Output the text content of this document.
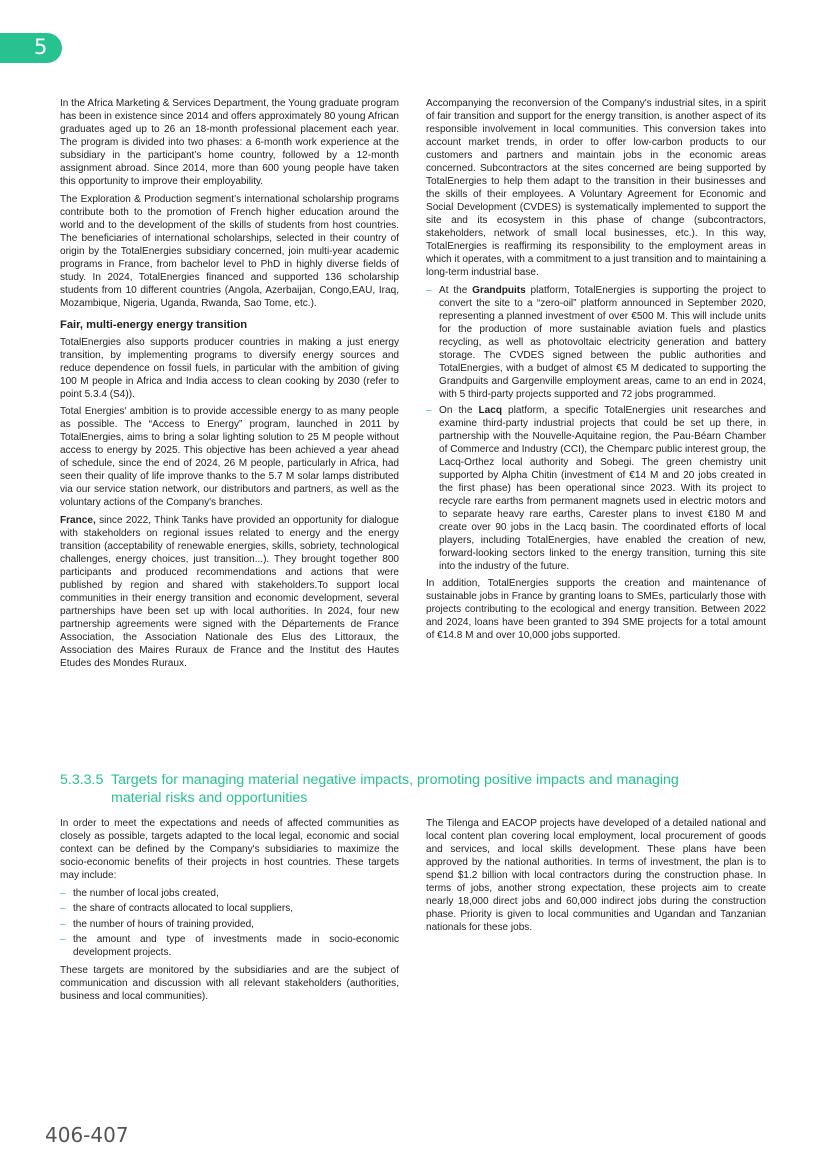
5

In the Africa Marketing & Services Department, the Young graduate program has been in existence since 2014 and offers approximately 80 young African graduates aged up to 26 an 18-month professional placement each year. The program is divided into two phases: a 6-month work experience at the subsidiary in the participant’s home country, followed by a 12-month assignment abroad. Since 2014, more than 600 young people have taken this opportunity to improve their employability.

The Exploration & Production segment’s international scholarship programs contribute both to the promotion of French higher education around the world and to the development of the skills of students from host countries. The beneficiaries of international scholarships, selected in their country of origin by the TotalEnergies subsidiary concerned, join multi-year academic programs in France, from bachelor level to PhD in highly diverse fields of study. In 2024, TotalEnergies financed and supported 136 scholarship students from 10 different countries (Angola, Azerbaijan, Congo,EAU, Iraq, Mozambique, Nigeria, Uganda, Rwanda, Sao Tome, etc.).

Fair, multi-energy energy transition

TotalEnergies also supports producer countries in making a just energy transition, by implementing programs to diversify energy sources and reduce dependence on fossil fuels, in particular with the ambition of giving 100 M people in Africa and India access to clean cooking by 2030 (refer to point 5.3.4 (S4)).

Total Energies' ambition is to provide accessible energy to as many people as possible. The “Access to Energy” program, launched in 2011 by TotalEnergies, aims to bring a solar lighting solution to 25 M people without access to energy by 2025. This objective has been achieved a year ahead of schedule, since the end of 2024, 26 M people, particularly in Africa, had seen their quality of life improve thanks to the 5.7 M solar lamps distributed via our service station network, our distributors and partners, as well as the voluntary actions of the Company's branches.

France, since 2022, Think Tanks have provided an opportunity for dialogue with stakeholders on regional issues related to energy and the energy transition (acceptability of renewable energies, skills, sobriety, technological challenges, energy choices, just transition...). They brought together 800 participants and produced recommendations and actions that were published by region and shared with stakeholders.To support local communities in their energy transition and economic development, several partnerships have been set up with local authorities. In 2024, four new partnership agreements were signed with the Départements de France Association, the Association Nationale des Elus des Littoraux, the Association des Maires Ruraux de France and the Institut des Hautes Etudes des Mondes Ruraux.

Accompanying the reconversion of the Company's industrial sites, in a spirit of fair transition and support for the energy transition, is another aspect of its responsible involvement in local communities. This conversion takes into account market trends, in order to offer low-carbon products to our customers and partners and maintain jobs in the economic areas concerned. Subcontractors at the sites concerned are being supported by TotalEnergies to help them adapt to the transition in their businesses and the skills of their employees. A Voluntary Agreement for Economic and Social Development (CVDES) is systematically implemented to support the site and its ecosystem in this phase of change (subcontractors, stakeholders, network of small local businesses, etc.). In this way, TotalEnergies is reaffirming its responsibility to the employment areas in which it operates, with a commitment to a just transition and to maintaining a long-term industrial base.

– At the Grandpuits platform, TotalEnergies is supporting the project to convert the site to a “zero-oil” platform announced in September 2020, representing a planned investment of over €500 M. This will include units for the production of more sustainable aviation fuels and plastics recycling, as well as photovoltaic electricity generation and battery storage. The CVDES signed between the public authorities and TotalEnergies, with a budget of almost €5 M dedicated to supporting the Grandpuits and Gargenville employment areas, came to an end in 2024, with 5 third-party projects supported and 72 jobs programmed.
– On the Lacq platform, a specific TotalEnergies unit researches and examine third-party industrial projects that could be set up there, in partnership with the Nouvelle-Aquitaine region, the Pau-Béarn Chamber of Commerce and Industry (CCI), the Chemparc public interest group, the Lacq-Orthez local authority and Sobegi. The green chemistry unit supported by Alpha Chitin (investment of €14 M and 20 jobs created in the first phase) has been operational since 2023. With its project to recycle rare earths from permanent magnets used in electric motors and to separate heavy rare earths, Carester plans to invest €180 M and create over 90 jobs in the Lacq basin. The coordinated efforts of local players, including TotalEnergies, have enabled the creation of new, forward-looking sectors linked to the energy transition, turning this site into the industry of the future.

In addition, TotalEnergies supports the creation and maintenance of sustainable jobs in France by granting loans to SMEs, particularly those with projects contributing to the ecological and energy transition. Between 2022 and 2024, loans have been granted to 394 SME projects for a total amount of €14.8 M and over 10,000 jobs supported.

5.3.3.5 Targets for managing material negative impacts, promoting positive impacts and managing
material risks and opportunities

In order to meet the expectations and needs of affected communities as closely as possible, targets adapted to the local legal, economic and social context can be defined by the Company's subsidiaries to maximize the socio-economic benefits of their projects in host countries. These targets may include:

– the number of local jobs created,
– the share of contracts allocated to local suppliers,
– the number of hours of training provided,
– the amount and type of investments made in socio-economic development projects.

These targets are monitored by the subsidiaries and are the subject of communication and discussion with all relevant stakeholders (authorities, business and local communities).

The Tilenga and EACOP projects have developed of a detailed national and local content plan covering local employment, local procurement of goods and services, and local skills development. These plans have been approved by the national authorities. In terms of investment, the plan is to spend $1.2 billion with local contractors during the construction phase. In terms of jobs, another strong expectation, these projects aim to create nearly 18,000 direct jobs and 60,000 indirect jobs during the construction phase. Priority is given to local communities and Ugandan and Tanzanian nationals for these jobs.

406-407
